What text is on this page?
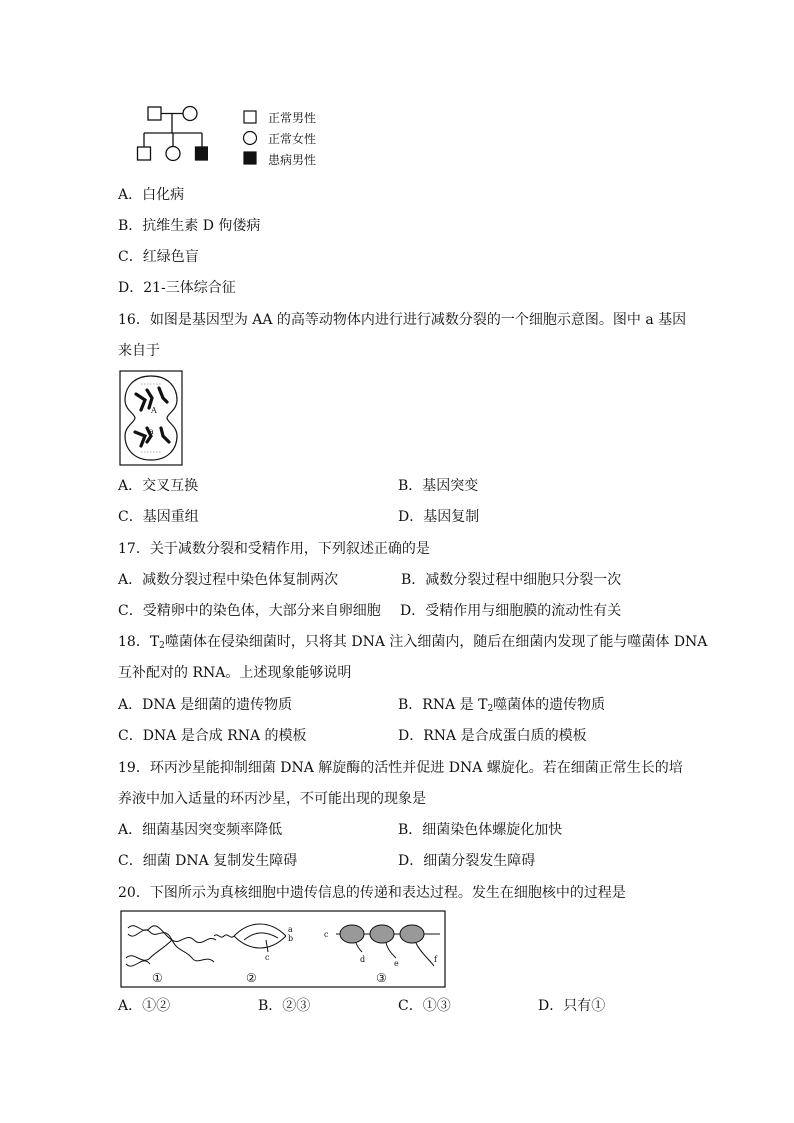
正常男性
正常女性
患病男性
A．白化病
B．抗维生素 D 佝偻病
C．红绿色盲
D．21-三体综合征
16．如图是基因型为 AA 的高等动物体内进行进行减数分裂的一个细胞示意图。图中 a 基因
来自于
A
a
A．交叉互换	B．基因突变
C．基因重组	D．基因复制
17．关于减数分裂和受精作用，下列叙述正确的是
A．减数分裂过程中染色体复制两次	B．减数分裂过程中细胞只分裂一次
C．受精卵中的染色体，大部分来自卵细胞 D．受精作用与细胞膜的流动性有关
18．$T_2$噬菌体在侵染细菌时，只将其 DNA 注入细菌内，随后在细菌内发现了能与噬菌体 DNA
互补配对的 RNA。上述现象能够说明
A．DNA 是细菌的遗传物质	B．RNA 是 $T_2$噬菌体的遗传物质
C．DNA 是合成 RNA 的模板	D．RNA 是合成蛋白质的模板
19．环丙沙星能抑制细菌 DNA 解旋酶的活性并促进 DNA 螺旋化。若在细菌正常生长的培
养液中加入适量的环丙沙星，不可能出现的现象是
A．细菌基因突变频率降低	B．细菌染色体螺旋化加快
C．细菌 DNA 复制发生障碍	D．细菌分裂发生障碍
20．下图所示为真核细胞中遗传信息的传递和表达过程。发生在细胞核中的过程是
a
b
c
c
d	e	f
①	②	③
A．①②	B．②③	C．①③	D．只有①
